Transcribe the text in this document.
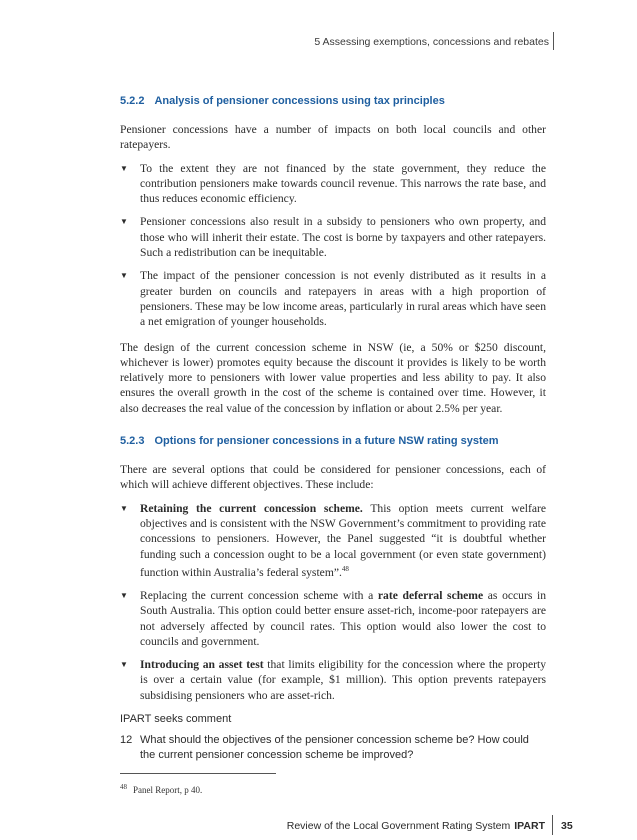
5 Assessing exemptions, concessions and rebates
5.2.2 Analysis of pensioner concessions using tax principles

Pensioner concessions have a number of impacts on both local councils and other ratepayers.

▼ To the extent they are not financed by the state government, they reduce the contribution pensioners make towards council revenue. This narrows the rate base, and thus reduces economic efficiency.
▼ Pensioner concessions also result in a subsidy to pensioners who own property, and those who will inherit their estate. The cost is borne by taxpayers and other ratepayers. Such a redistribution can be inequitable.
▼ The impact of the pensioner concession is not evenly distributed as it results in a greater burden on councils and ratepayers in areas with a high proportion of pensioners. These may be low income areas, particularly in rural areas which have seen a net emigration of younger households.

The design of the current concession scheme in NSW (ie, a 50% or $250 discount, whichever is lower) promotes equity because the discount it provides is likely to be worth relatively more to pensioners with lower value properties and less ability to pay. It also ensures the overall growth in the cost of the scheme is contained over time. However, it also decreases the real value of the concession by inflation or about 2.5% per year.

5.2.3 Options for pensioner concessions in a future NSW rating system

There are several options that could be considered for pensioner concessions, each of which will achieve different objectives. These include:

▼ Retaining the current concession scheme. This option meets current welfare objectives and is consistent with the NSW Government’s commitment to providing rate concessions to pensioners. However, the Panel suggested “it is doubtful whether funding such a concession ought to be a local government (or even state government) function within Australia’s federal system”.$^{48}$
▼ Replacing the current concession scheme with a rate deferral scheme as occurs in South Australia. This option could better ensure asset-rich, income-poor ratepayers are not adversely affected by council rates. This option would also lower the cost to councils and government.
▼ Introducing an asset test that limits eligibility for the concession where the property is over a certain value (for example, $1 million). This option prevents ratepayers subsidising pensioners who are asset-rich.
IPART seeks comment
12 What should the objectives of the pensioner concession scheme be? How could the current pensioner concession scheme be improved?
$^{48}$ Panel Report, p 40.
Review of the Local Government Rating System IPART 35
